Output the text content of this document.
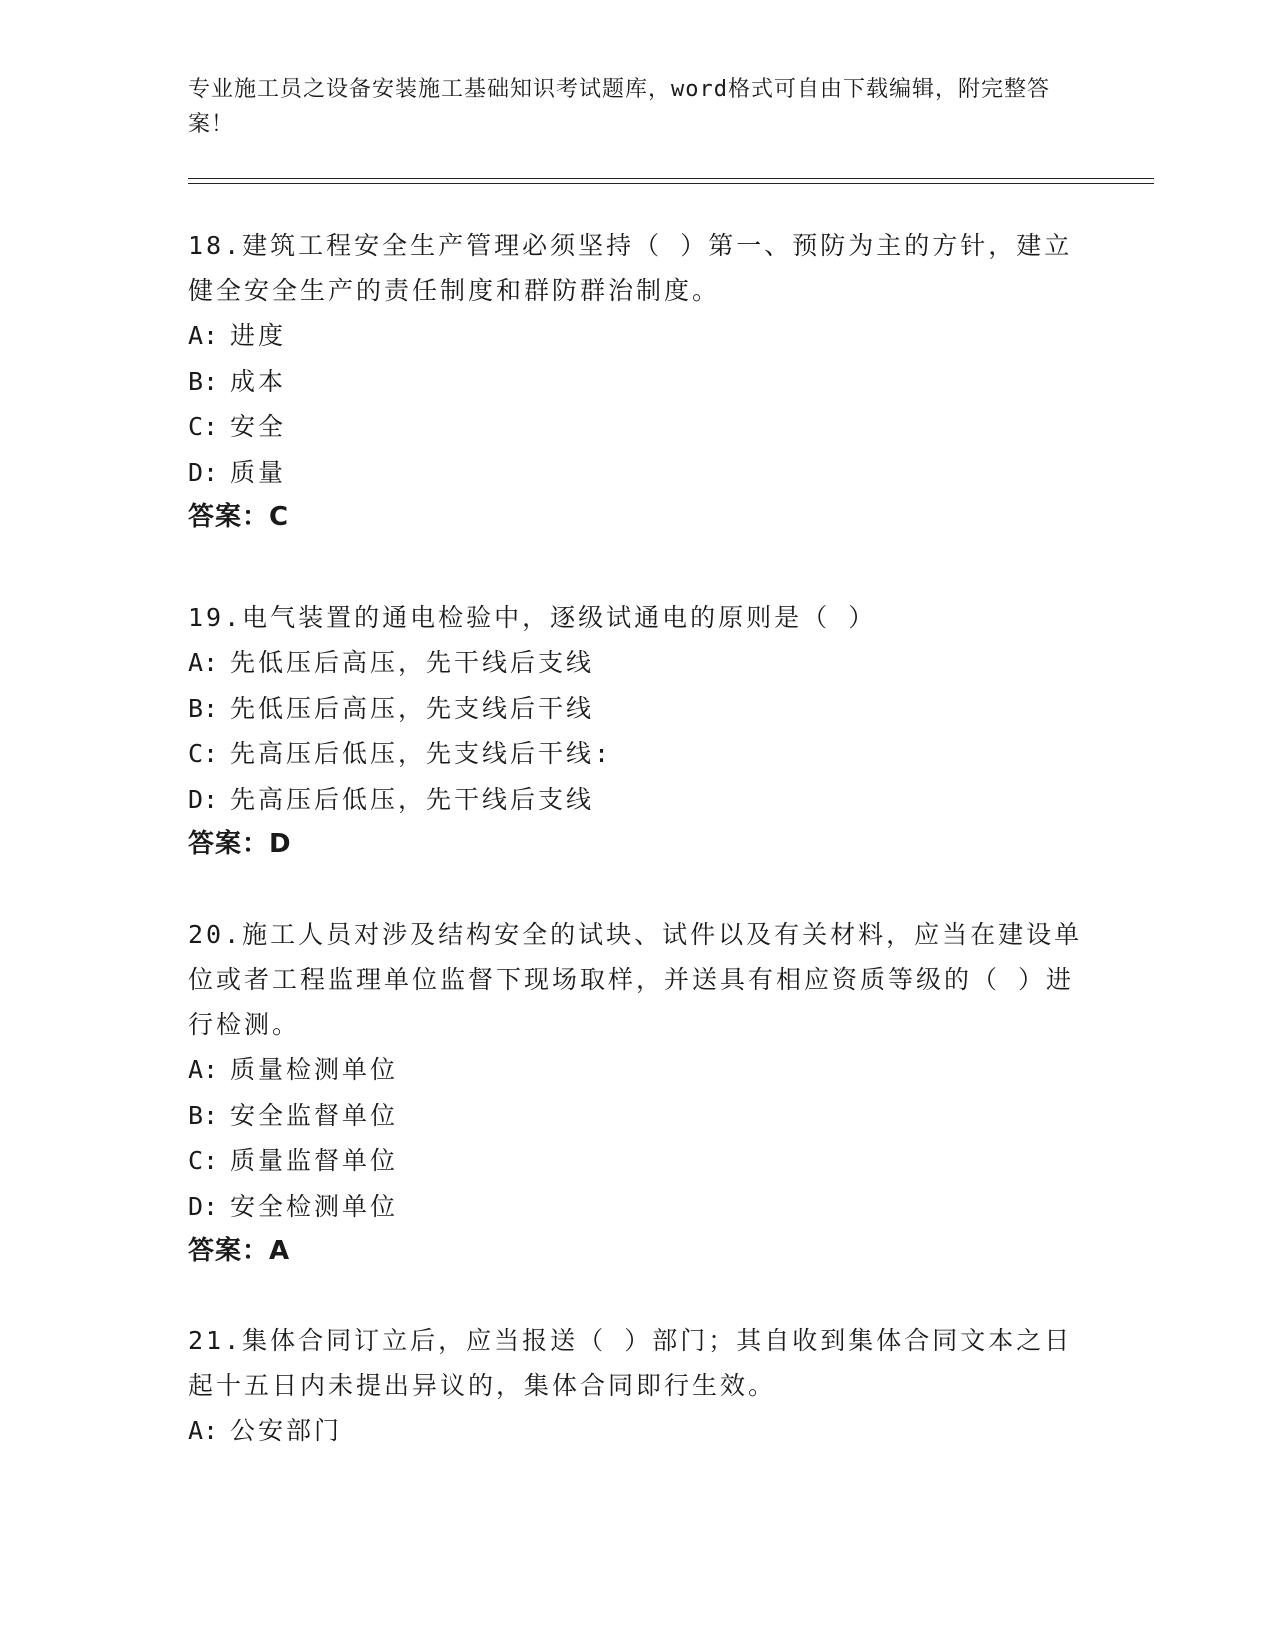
专业施工员之设备安装施工基础知识考试题库，word格式可自由下载编辑，附完整答案！

18.建筑工程安全生产管理必须坚持（ ）第一、预防为主的方针，建立健全安全生产的责任制度和群防群治制度。

A: 进度
B: 成本
C: 安全
D: 质量
答案：C

19.电气装置的通电检验中，逐级试通电的原则是（ ）

A: 先低压后高压，先干线后支线
B: 先低压后高压，先支线后干线
C: 先高压后低压，先支线后干线:
D: 先高压后低压，先干线后支线
答案：D

20.施工人员对涉及结构安全的试块、试件以及有关材料，应当在建设单位或者工程监理单位监督下现场取样，并送具有相应资质等级的（ ）进行检测。

A: 质量检测单位
B: 安全监督单位
C: 质量监督单位
D: 安全检测单位
答案：A

21.集体合同订立后，应当报送（ ）部门；其自收到集体合同文本之日起十五日内未提出异议的，集体合同即行生效。

A: 公安部门
